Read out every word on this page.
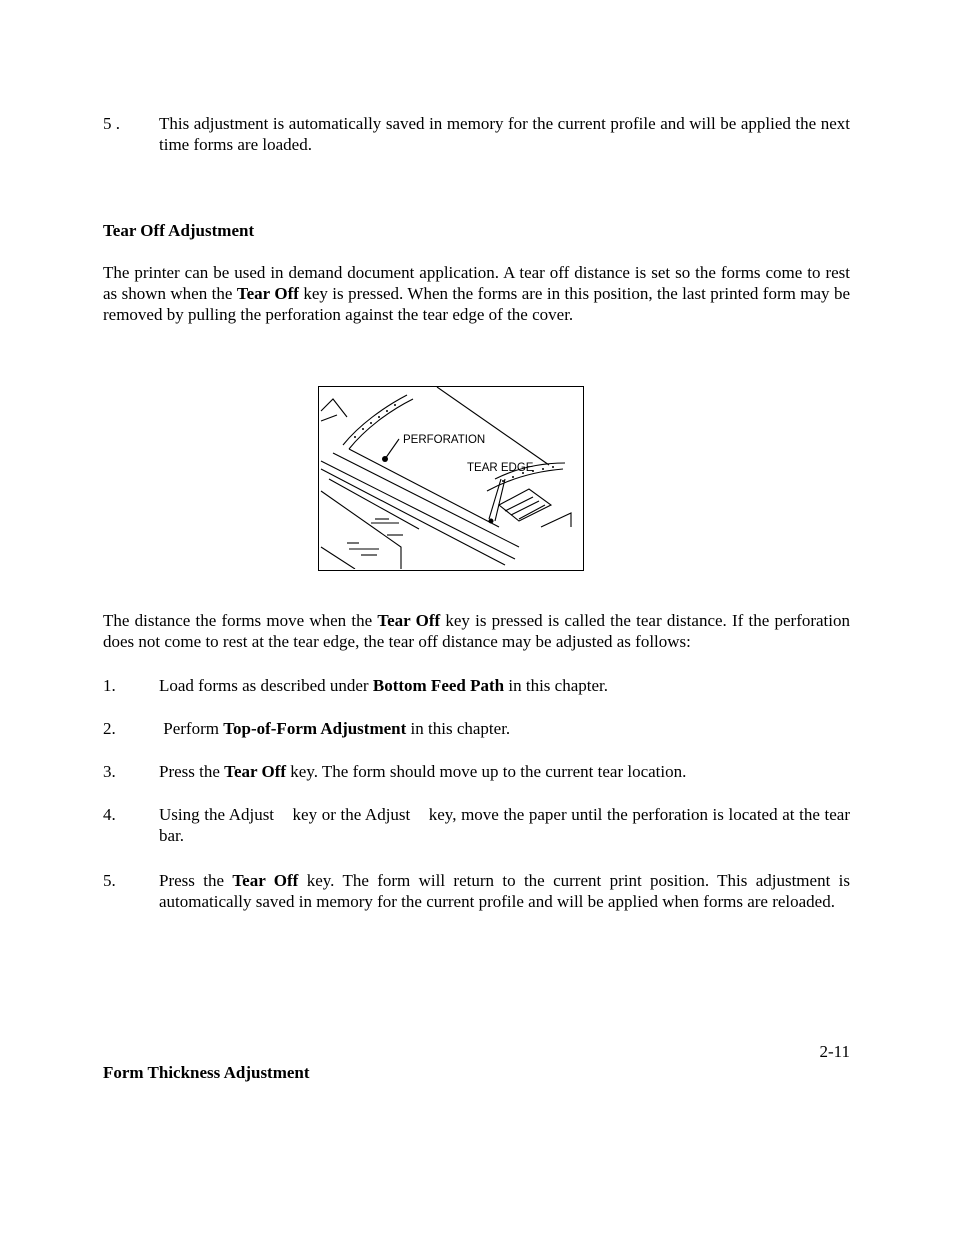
5 . This adjustment is automatically saved in memory for the current profile and will be applied the next time forms are loaded.
Tear Off Adjustment
The printer can be used in demand document application. A tear off distance is set so the forms come to rest as shown when the Tear Off key is pressed. When the forms are in this position, the last printed form may be removed by pulling the perforation against the tear edge of the cover.
PERFORATION
TEAR EDGE
The distance the forms move when the Tear Off key is pressed is called the tear distance. If the perforation does not come to rest at the tear edge, the tear off distance may be adjusted as follows:
1.	Load forms as described under Bottom Feed Path in this chapter.
2.	Perform Top-of-Form Adjustment in this chapter.
3.	Press the Tear Off key. The form should move up to the current tear location.
4.	Using the Adjust    key or the Adjust    key, move the paper until the perforation is located at the tear bar.
5.	Press the Tear Off key. The form will return to the current print position. This adjustment is automatically saved in memory for the current profile and will be applied when forms are reloaded.
2-11
Form Thickness Adjustment
